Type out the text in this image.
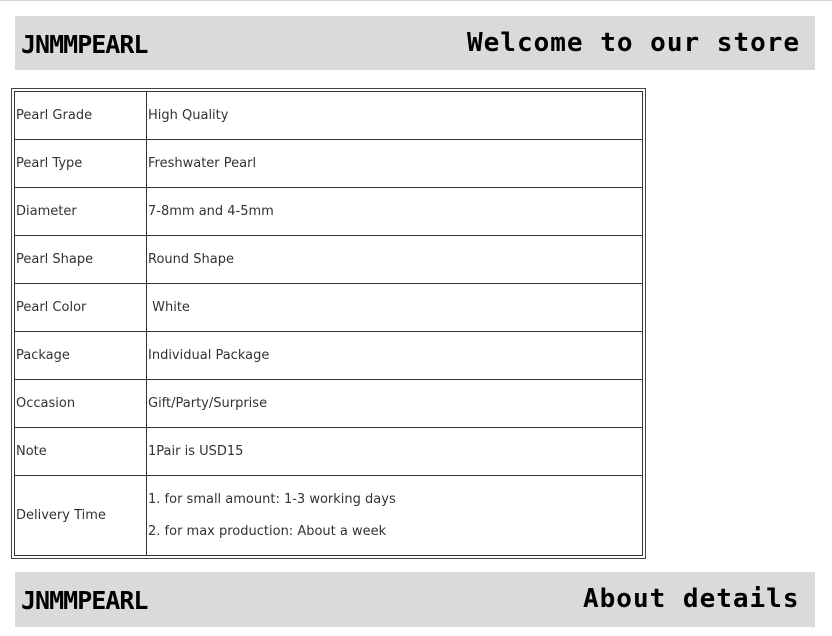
JNMMPEARL	Welcome to our store
Pearl Grade	High Quality
Pearl Type	Freshwater Pearl
Diameter	7-8mm and 4-5mm
Pearl Shape	Round Shape
Pearl Color	White
Package	Individual Package
Occasion	Gift/Party/Surprise
Note	1Pair is USD15
Delivery Time	1. for small amount: 1-3 working days
2. for max production: About a week
JNMMPEARL	About details
